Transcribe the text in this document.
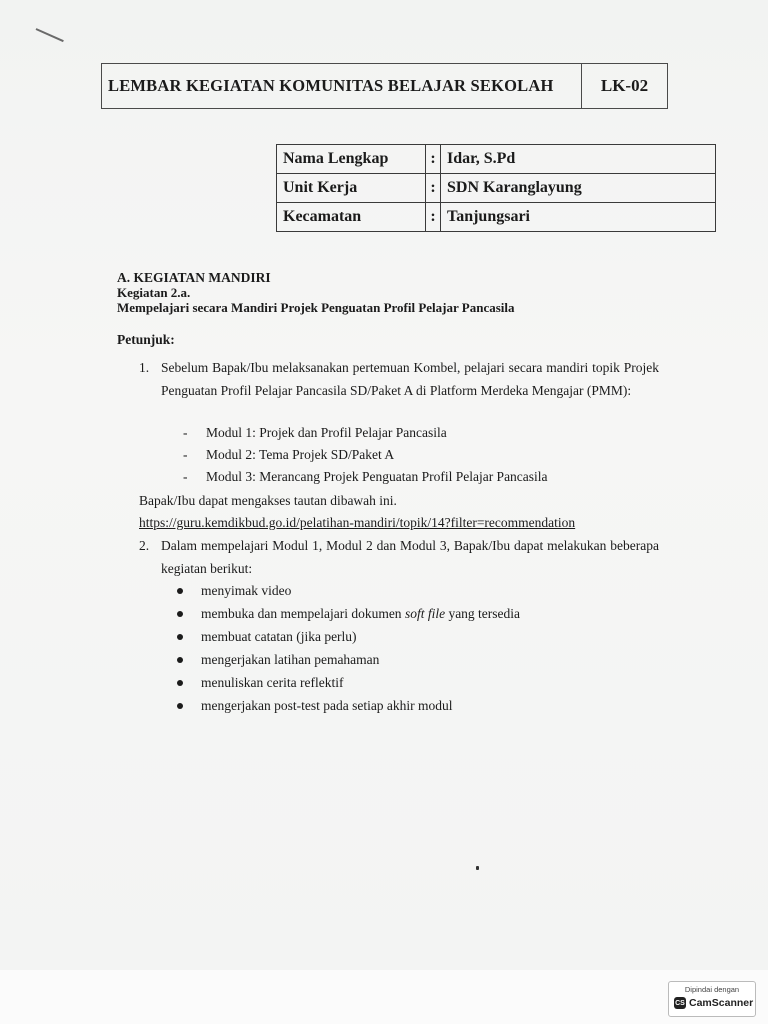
LEMBAR KEGIATAN KOMUNITAS BELAJAR SEKOLAH	LK-02
Nama Lengkap	:	Idar, S.Pd
Unit Kerja	:	SDN Karanglayung
Kecamatan	:	Tanjungsari
A. KEGIATAN MANDIRI
Kegiatan 2.a.
Mempelajari secara Mandiri Projek Penguatan Profil Pelajar Pancasila
Petunjuk:
1. Sebelum Bapak/Ibu melaksanakan pertemuan Kombel, pelajari secara mandiri topik Projek Penguatan Profil Pelajar Pancasila SD/Paket A di Platform Merdeka Mengajar (PMM):
- Modul 1: Projek dan Profil Pelajar Pancasila
- Modul 2: Tema Projek SD/Paket A
- Modul 3: Merancang Projek Penguatan Profil Pelajar Pancasila
Bapak/Ibu dapat mengakses tautan dibawah ini.
https://guru.kemdikbud.go.id/pelatihan-mandiri/topik/14?filter=recommendation
2. Dalam mempelajari Modul 1, Modul 2 dan Modul 3, Bapak/Ibu dapat melakukan beberapa kegiatan berikut:
menyimak video
membuka dan mempelajari dokumen soft file yang tersedia
membuat catatan (jika perlu)
mengerjakan latihan pemahaman
menuliskan cerita reflektif
mengerjakan post-test pada setiap akhir modul
Dipindai dengan
CS CamScanner
